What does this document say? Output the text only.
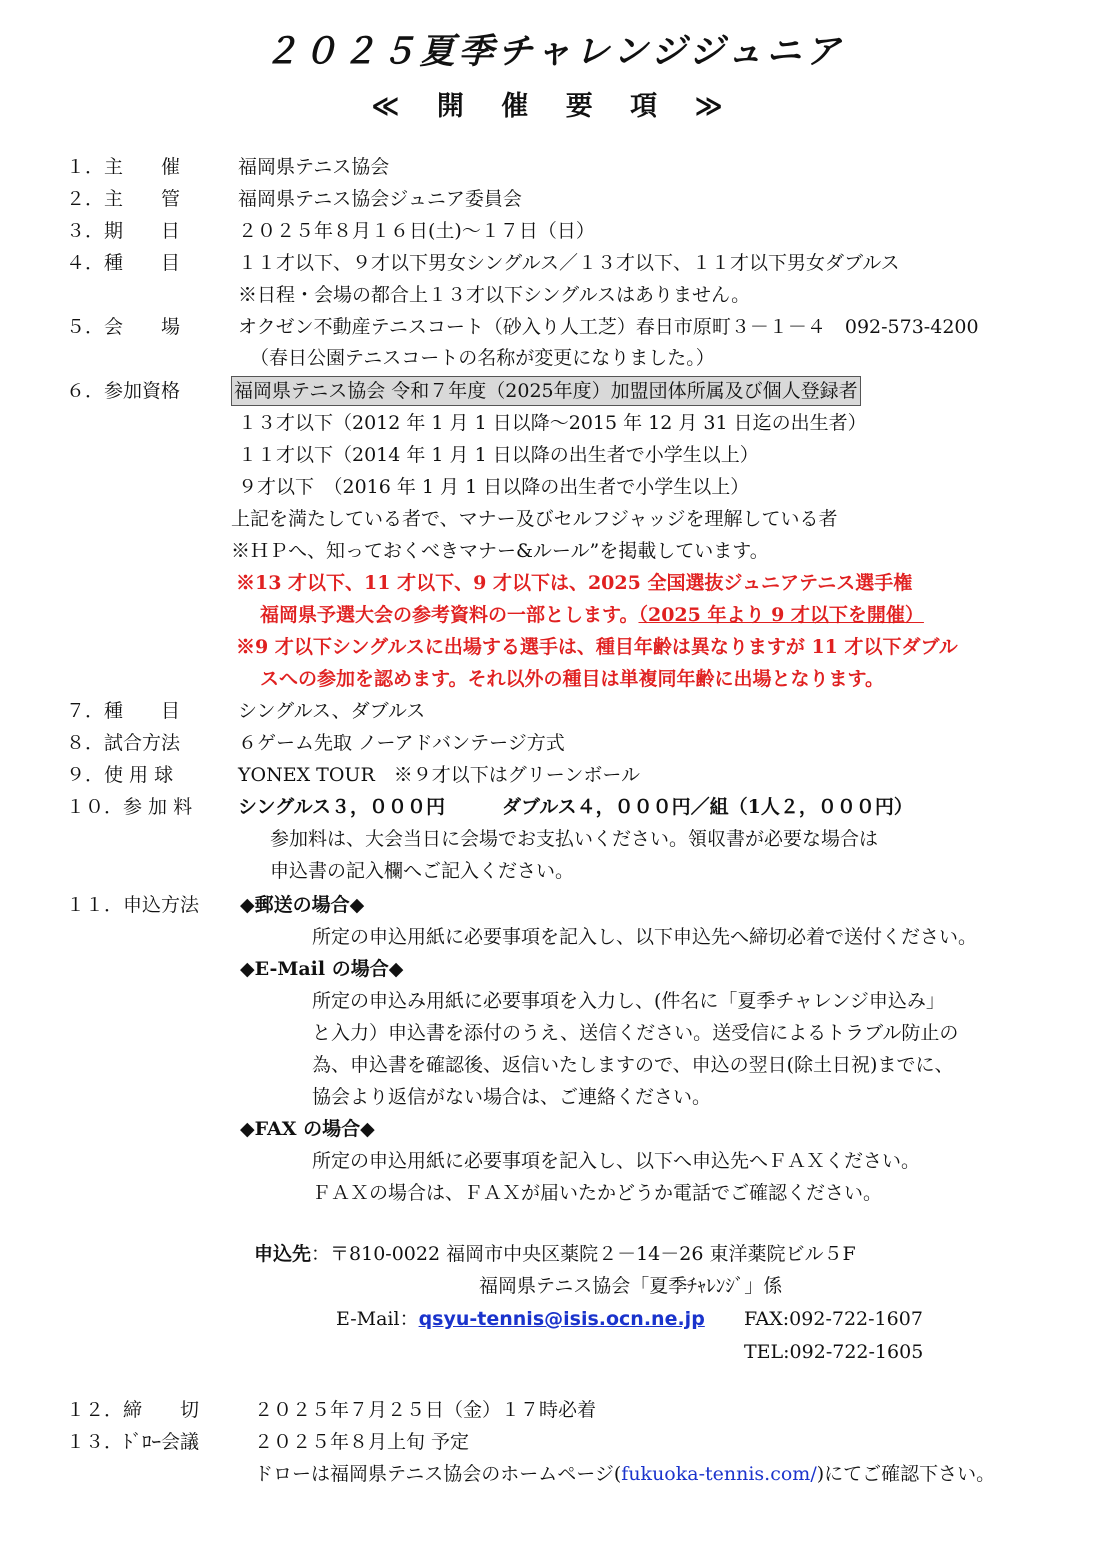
２０２５夏季チャレンジジュニア
≪ 開 催 要 項 ≫
１．主　　催	福岡県テニス協会
２．主　　管	福岡県テニス協会ジュニア委員会
３．期　　日	２０２５年８月１６日(土)～１７日（日）
４．種　　目	１１才以下、９才以下男女シングルス／１３才以下、１１才以下男女ダブルス
※日程・会場の都合上１３才以下シングルスはありません。
５．会　　場	オクゼン不動産テニスコート（砂入り人工芝）春日市原町３－１－４　092-573-4200
（春日公園テニスコートの名称が変更になりました。）
６．参加資格	福岡県テニス協会 令和７年度（2025年度）加盟団体所属及び個人登録者
１３才以下（2012 年 1 月 1 日以降～2015 年 12 月 31 日迄の出生者）
１１才以下（2014 年 1 月 1 日以降の出生者で小学生以上）
９才以下　（2016 年 1 月 1 日以降の出生者で小学生以上）
上記を満たしている者で、マナー及びセルフジャッジを理解している者
※ＨＰへ、知っておくべきマナー&ルール”を掲載しています。
※13 才以下、11 才以下、9 才以下は、2025 全国選抜ジュニアテニス選手権
福岡県予選大会の参考資料の一部とします。（2025 年より 9 才以下を開催）
※9 才以下シングルスに出場する選手は、種目年齢は異なりますが 11 才以下ダブル
スへの参加を認めます。それ以外の種目は単複同年齢に出場となります。
７．種　　目	シングルス、ダブルス
８．試合方法	６ゲーム先取 ノーアドバンテージ方式
９．使 用 球	YONEX TOUR　※９才以下はグリーンボール
１０．参 加 料 シングルス３，０００円　　　ダブルス４，０００円／組（1人２，０００円）
参加料は、大会当日に会場でお支払いください。領収書が必要な場合は
申込書の記入欄へご記入ください。
１１．申込方法 ◆郵送の場合◆
所定の申込用紙に必要事項を記入し、以下申込先へ締切必着で送付ください。
◆E-Mail の場合◆
所定の申込み用紙に必要事項を入力し、(件名に「夏季チャレンジ申込み」
と入力）申込書を添付のうえ、送信ください。送受信によるトラブル防止の
為、申込書を確認後、返信いたしますので、申込の翌日(除土日祝)までに、
協会より返信がない場合は、ご連絡ください。
◆FAX の場合◆
所定の申込用紙に必要事項を記入し、以下へ申込先へＦＡＸください。
ＦＡＸの場合は、ＦＡＸが届いたかどうか電話でご確認ください。
申込先：〒810-0022 福岡市中央区薬院２－14－26 東洋薬院ビル５F
福岡県テニス協会「夏季ﾁｬﾚﾝｼﾞ」係
E-Mail：qsyu-tennis@isis.ocn.ne.jp FAX:092-722-1607
TEL:092-722-1605
１２．締　　切	２０２５年７月２５日（金）１７時必着
１３．ﾄﾞﾛｰ会議	２０２５年８月上旬 予定
ドローは福岡県テニス協会のホームページ(fukuoka-tennis.com/)にてご確認下さい。
